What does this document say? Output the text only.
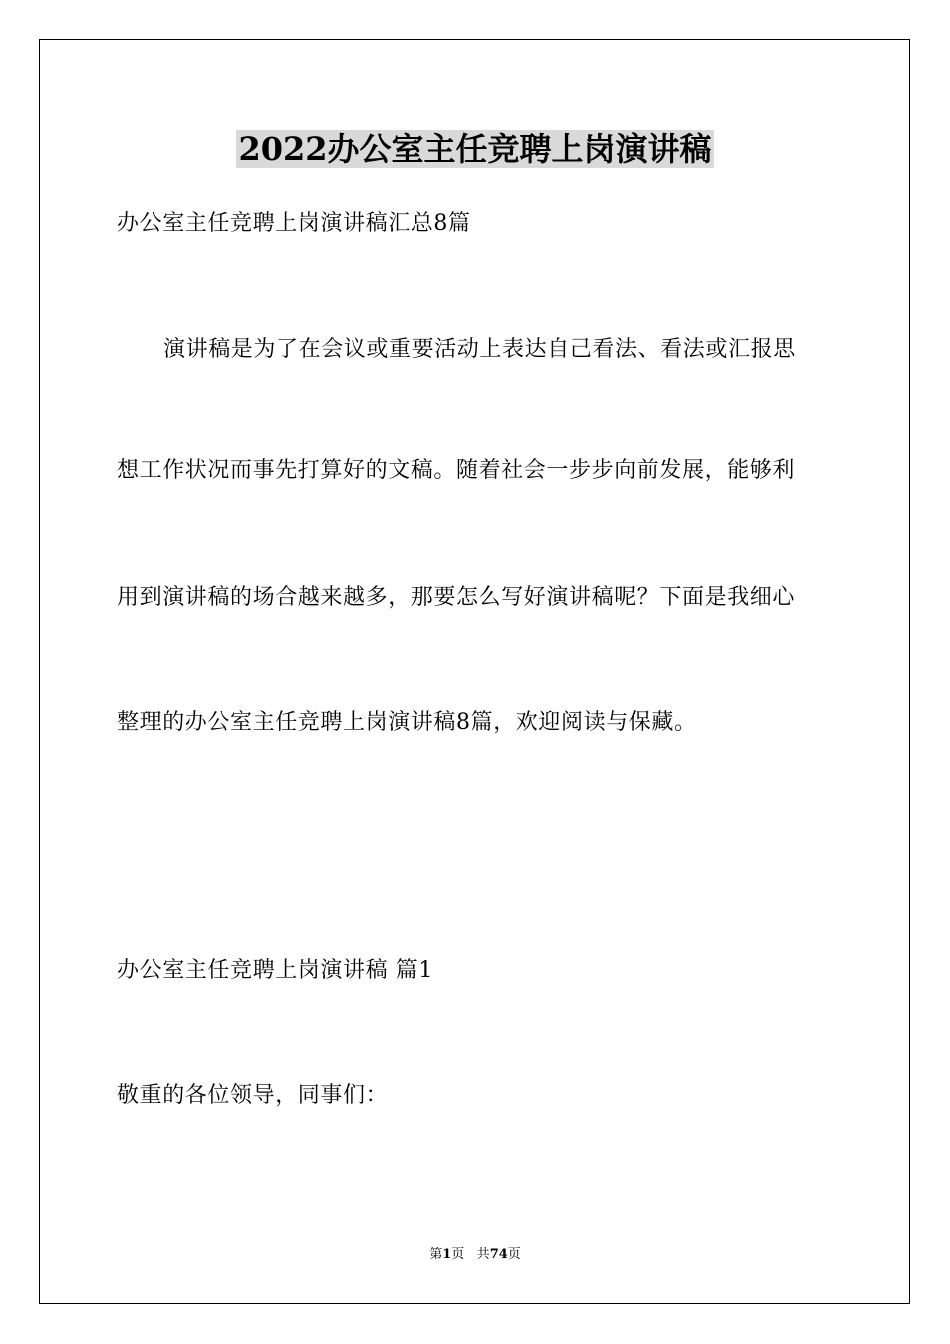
2022办公室主任竞聘上岗演讲稿
办公室主任竞聘上岗演讲稿汇总8篇
演讲稿是为了在会议或重要活动上表达自己看法、看法或汇报思
想工作状况而事先打算好的文稿。随着社会一步步向前发展，能够利
用到演讲稿的场合越来越多，那要怎么写好演讲稿呢？下面是我细心
整理的办公室主任竞聘上岗演讲稿8篇，欢迎阅读与保藏。
办公室主任竞聘上岗演讲稿 篇1
敬重的各位领导，同事们：
第1页 共74页
